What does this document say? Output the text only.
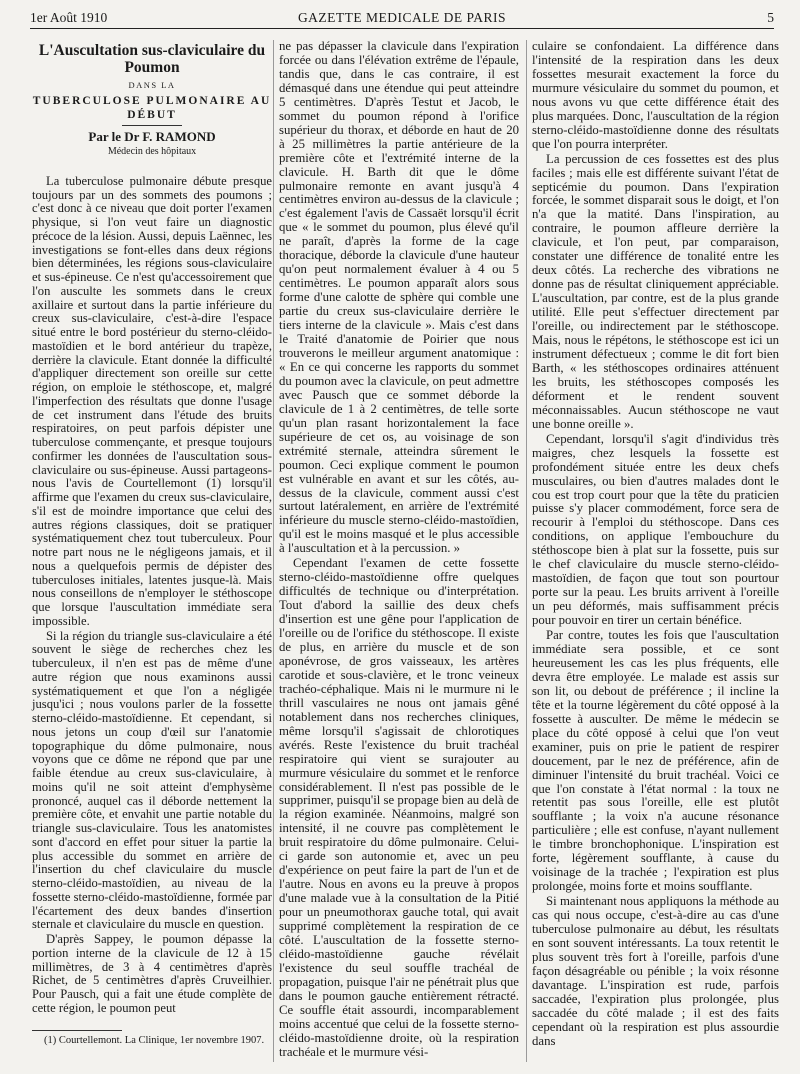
1er Août 1910	GAZETTE MEDICALE DE PARIS	5
L'Auscultation sus-claviculaire du Poumon
DANS LA
TUBERCULOSE PULMONAIRE AU DÉBUT
Par le Dr F. RAMOND
Médecin des hôpitaux

La tuberculose pulmonaire débute presque toujours par un des sommets des poumons ; c'est donc à ce niveau que doit porter l'examen physique, si l'on veut faire un diagnostic précoce de la lésion. Aussi, depuis Laënnec, les investigations se font-elles dans deux régions bien déterminées, les régions sous-claviculaire et sus-épineuse. Ce n'est qu'accessoirement que l'on ausculte les sommets dans le creux axillaire et surtout dans la partie inférieure du creux sus-claviculaire, c'est-à-dire l'espace situé entre le bord postérieur du sterno-cléido-mastoïdien et le bord antérieur du trapèze, derrière la clavicule. Etant donnée la difficulté d'appliquer directement son oreille sur cette région, on emploie le stéthoscope, et, malgré l'imperfection des résultats que donne l'usage de cet instrument dans l'étude des bruits respiratoires, on peut parfois dépister une tuberculose commençante, et presque toujours confirmer les données de l'auscultation sous-claviculaire ou sus-épineuse. Aussi partageons-nous l'avis de Courtellemont (1) lorsqu'il affirme que l'examen du creux sus-claviculaire, s'il est de moindre importance que celui des autres régions classiques, doit se pratiquer systématiquement chez tout tuberculeux. Pour notre part nous ne le négligeons jamais, et il nous a quelquefois permis de dépister des tuberculoses initiales, latentes jusque-là. Mais nous conseillons de n'employer le stéthoscope que lorsque l'auscultation immédiate sera impossible.

Si la région du triangle sus-claviculaire a été souvent le siège de recherches chez les tuberculeux, il n'en est pas de même d'une autre région que nous examinons aussi systématiquement et que l'on a négligée jusqu'ici ; nous voulons parler de la fossette sterno-cléido-mastoïdienne. Et cependant, si nous jetons un coup d'œil sur l'anatomie topographique du dôme pulmonaire, nous voyons que ce dôme ne répond que par une faible étendue au creux sus-claviculaire, à moins qu'il ne soit atteint d'emphysème prononcé, auquel cas il déborde nettement la première côte, et envahit une partie notable du triangle sus-claviculaire. Tous les anatomistes sont d'accord en effet pour situer la partie la plus accessible du sommet en arrière de l'insertion du chef claviculaire du muscle sterno-cléido-mastoïdien, au niveau de la fossette sterno-cléido-mastoïdienne, formée par l'écartement des deux bandes d'insertion sternale et claviculaire du muscle en question.

D'après Sappey, le poumon dépasse la portion interne de la clavicule de 12 à 15 millimètres, de 3 à 4 centimètres d'après Richet, de 5 centimètres d'après Cruveilhier. Pour Pausch, qui a fait une étude complète de cette région, le poumon peut

(1) Courtellemont. La Clinique, 1er novembre 1907.

ne pas dépasser la clavicule dans l'expiration forcée ou dans l'élévation extrême de l'épaule, tandis que, dans le cas contraire, il est démasqué dans une étendue qui peut atteindre 5 centimètres. D'après Testut et Jacob, le sommet du poumon répond à l'orifice supérieur du thorax, et déborde en haut de 20 à 25 millimètres la partie antérieure de la première côte et l'extrémité interne de la clavicule. H. Barth dit que le dôme pulmonaire remonte en avant jusqu'à 4 centimètres environ au-dessus de la clavicule ; c'est également l'avis de Cassaët lorsqu'il écrit que « le sommet du poumon, plus élevé qu'il ne paraît, d'après la forme de la cage thoracique, déborde la clavicule d'une hauteur qu'on peut normalement évaluer à 4 ou 5 centimètres. Le poumon apparaît alors sous forme d'une calotte de sphère qui comble une partie du creux sus-claviculaire derrière le tiers interne de la clavicule ». Mais c'est dans le Traité d'anatomie de Poirier que nous trouverons le meilleur argument anatomique : « En ce qui concerne les rapports du sommet du poumon avec la clavicule, on peut admettre avec Pausch que ce sommet déborde la clavicule de 1 à 2 centimètres, de telle sorte qu'un plan rasant horizontalement la face supérieure de cet os, au voisinage de son extrémité sternale, atteindra sûrement le poumon. Ceci explique comment le poumon est vulnérable en avant et sur les côtés, au-dessus de la clavicule, comment aussi c'est surtout latéralement, en arrière de l'extrémité inférieure du muscle sterno-cléido-mastoïdien, qu'il est le moins masqué et le plus accessible à l'auscultation et à la percussion. »

Cependant l'examen de cette fossette sterno-cléido-mastoïdienne offre quelques difficultés de technique ou d'interprétation. Tout d'abord la saillie des deux chefs d'insertion est une gêne pour l'application de l'oreille ou de l'orifice du stéthoscope. Il existe de plus, en arrière du muscle et de son aponévrose, de gros vaisseaux, les artères carotide et sous-clavière, et le tronc veineux trachéo-céphalique. Mais ni le murmure ni le thrill vasculaires ne nous ont jamais gêné notablement dans nos recherches cliniques, même lorsqu'il s'agissait de chlorotiques avérés. Reste l'existence du bruit trachéal respiratoire qui vient se surajouter au murmure vésiculaire du sommet et le renforce considérablement. Il n'est pas possible de le supprimer, puisqu'il se propage bien au delà de la région examinée. Néanmoins, malgré son intensité, il ne couvre pas complètement le bruit respiratoire du dôme pulmonaire. Celui-ci garde son autonomie et, avec un peu d'expérience on peut faire la part de l'un et de l'autre. Nous en avons eu la preuve à propos d'une malade vue à la consultation de la Pitié pour un pneumothorax gauche total, qui avait supprimé complètement la respiration de ce côté. L'auscultation de la fossette sterno-cléido-mastoïdienne gauche révélait l'existence du seul souffle trachéal de propagation, puisque l'air ne pénétrait plus que dans le poumon gauche entièrement rétracté. Ce souffle était assourdi, incomparablement moins accentué que celui de la fossette sterno-cléido-mastoïdienne droite, où la respiration trachéale et le murmure vési-

culaire se confondaient. La différence dans l'intensité de la respiration dans les deux fossettes mesurait exactement la force du murmure vésiculaire du sommet du poumon, et nous avons vu que cette différence était des plus marquées. Donc, l'auscultation de la région sterno-cléido-mastoïdienne donne des résultats que l'on pourra interpréter.

La percussion de ces fossettes est des plus faciles ; mais elle est différente suivant l'état de septicémie du poumon. Dans l'expiration forcée, le sommet disparait sous le doigt, et l'on n'a que la matité. Dans l'inspiration, au contraire, le poumon affleure derrière la clavicule, et l'on peut, par comparaison, constater une différence de tonalité entre les deux côtés. La recherche des vibrations ne donne pas de résultat cliniquement appréciable. L'auscultation, par contre, est de la plus grande utilité. Elle peut s'effectuer directement par l'oreille, ou indirectement par le stéthoscope. Mais, nous le répétons, le stéthoscope est ici un instrument défectueux ; comme le dit fort bien Barth, « les stéthoscopes ordinaires atténuent les bruits, les stéthoscopes composés les déforment et le rendent souvent méconnaissables. Aucun stéthoscope ne vaut une bonne oreille ».

Cependant, lorsqu'il s'agit d'individus très maigres, chez lesquels la fossette est profondément située entre les deux chefs musculaires, ou bien d'autres malades dont le cou est trop court pour que la tête du praticien puisse s'y placer commodément, force sera de recourir à l'emploi du stéthoscope. Dans ces conditions, on applique l'embouchure du stéthoscope bien à plat sur la fossette, puis sur le chef claviculaire du muscle sterno-cléido-mastoïdien, de façon que tout son pourtour porte sur la peau. Les bruits arrivent à l'oreille un peu déformés, mais suffisamment précis pour pouvoir en tirer un certain bénéfice.

Par contre, toutes les fois que l'auscultation immédiate sera possible, et ce sont heureusement les cas les plus fréquents, elle devra être employée. Le malade est assis sur son lit, ou debout de préférence ; il incline la tête et la tourne légèrement du côté opposé à la fossette à ausculter. De même le médecin se place du côté opposé à celui que l'on veut examiner, puis on prie le patient de respirer doucement, par le nez de préférence, afin de diminuer l'intensité du bruit trachéal. Voici ce que l'on constate à l'état normal : la toux ne retentit pas sous l'oreille, elle est plutôt soufflante ; la voix n'a aucune résonance particulière ; elle est confuse, n'ayant nullement le timbre bronchophonique. L'inspiration est forte, légèrement soufflante, à cause du voisinage de la trachée ; l'expiration est plus prolongée, moins forte et moins soufflante.

Si maintenant nous appliquons la méthode au cas qui nous occupe, c'est-à-dire au cas d'une tuberculose pulmonaire au début, les résultats en sont souvent intéressants. La toux retentit le plus souvent très fort à l'oreille, parfois d'une façon désagréable ou pénible ; la voix résonne davantage. L'inspiration est rude, parfois saccadée, l'expiration plus prolongée, plus saccadée du côté malade ; il est des faits cependant où la respiration est plus assourdie dans
